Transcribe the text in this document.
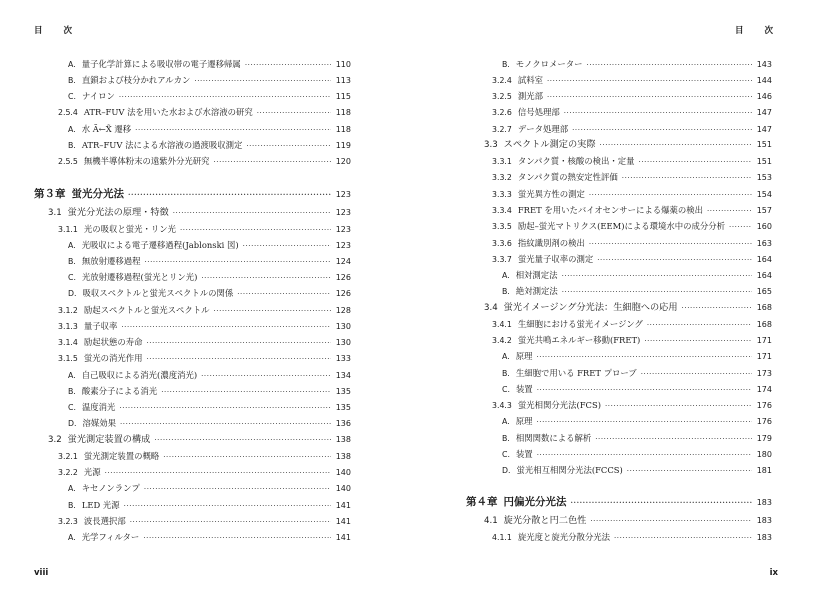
目 次
A. 量子化学計算による吸収帯の電子遷移帰属 ·····	110
B. 直鎖および枝分かれアルカン ·····	113
C. ナイロン ·····	115
2.5.4 ATR–FUV 法を用いた水および水溶液の研究 ·····	118
A. 水 Ã←X̃ 遷移 ·····	118
B. ATR–FUV 法による水溶液の過渡吸収測定 ·····	119
2.5.5 無機半導体粉末の遠紫外分光研究 ·····	120
第３章 蛍光分光法 ·····	123
3.1 蛍光分光法の原理・特徴 ·····	123
3.1.1 光の吸収と蛍光・リン光 ·····	123
A. 光吸収による電子遷移過程(Jablonski 図) ·····	123
B. 無放射遷移過程 ·····	124
C. 光放射遷移過程(蛍光とリン光) ·····	126
D. 吸収スペクトルと蛍光スペクトルの関係 ·····	126
3.1.2 励起スペクトルと蛍光スペクトル ·····	128
3.1.3 量子収率 ·····	130
3.1.4 励起状態の寿命 ·····	130
3.1.5 蛍光の消光作用 ·····	133
A. 自己吸収による消光(濃度消光) ·····	134
B. 酸素分子による消光 ·····	135
C. 温度消光 ·····	135
D. 溶媒効果 ·····	136
3.2 蛍光測定装置の構成 ·····	138
3.2.1 蛍光測定装置の概略 ·····	138
3.2.2 光源 ·····	140
A. キセノンランプ ·····	140
B. LED 光源 ·····	141
3.2.3 波長選択部 ·····	141
A. 光学フィルター ·····	141
viii
目 次
B. モノクロメーター ·····	143
3.2.4 試料室 ·····	144
3.2.5 測光部 ·····	146
3.2.6 信号処理部 ·····	147
3.2.7 データ処理部 ·····	147
3.3 スペクトル測定の実際 ·····	151
3.3.1 タンパク質・核酸の検出・定量 ·····	151
3.3.2 タンパク質の熱安定性評価 ·····	153
3.3.3 蛍光異方性の測定 ·····	154
3.3.4 FRET を用いたバイオセンサーによる爆薬の検出 ·····	157
3.3.5 励起–蛍光マトリクス(EEM)による環境水中の成分分析 ·····	160
3.3.6 指紋識別剤の検出 ·····	163
3.3.7 蛍光量子収率の測定 ·····	164
A. 相対測定法 ·····	164
B. 絶対測定法 ·····	165
3.4 蛍光イメージング分光法：生細胞への応用 ·····	168
3.4.1 生細胞における蛍光イメージング ·····	168
3.4.2 蛍光共鳴エネルギー移動(FRET) ·····	171
A. 原理 ·····	171
B. 生細胞で用いる FRET プローブ ·····	173
C. 装置 ·····	174
3.4.3 蛍光相関分光法(FCS) ·····	176
A. 原理 ·····	176
B. 相関関数による解析 ·····	179
C. 装置 ·····	180
D. 蛍光相互相関分光法(FCCS) ·····	181
第４章 円偏光分光法 ·····	183
4.1 旋光分散と円二色性 ·····	183
4.1.1 旋光度と旋光分散分光法 ·····	183
ix
